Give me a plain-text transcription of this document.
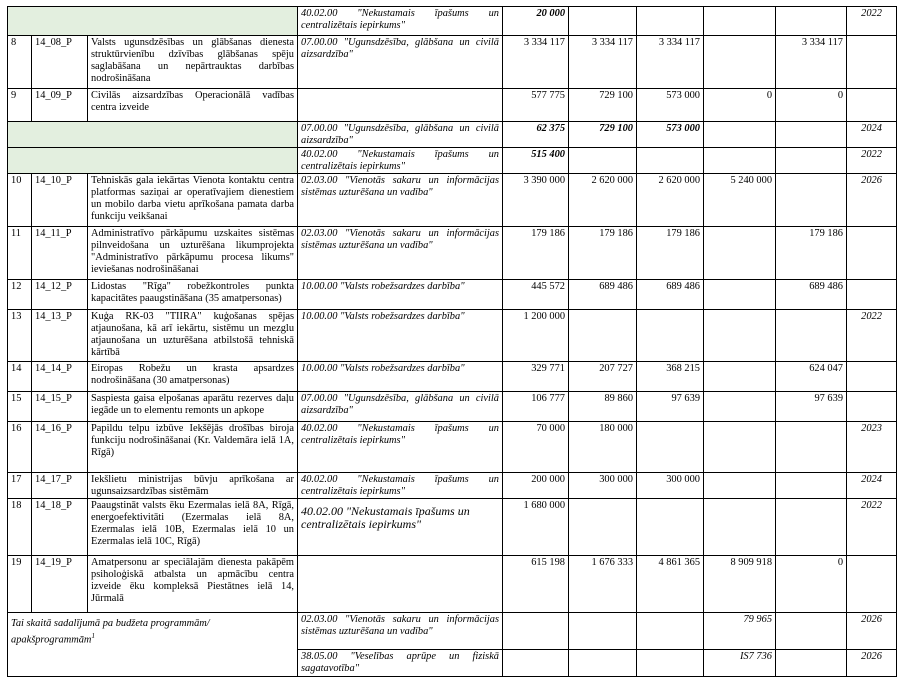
			40.02.00 "Nekustamais īpašums un centralizētais iepirkums"	20 000					2022
8	14_08_P	Valsts ugunsdzēsības un glābšanas dienesta struktūrvienību dzīvības glābšanas spēju saglabāšana un nepārtrauktas darbības nodrošināšana	07.00.00 "Ugunsdzēsība, glābšana un civilā aizsardzība"	3 334 117	3 334 117	3 334 117		3 334 117	
9	14_09_P	Civilās aizsardzības Operacionālā vadības centra izveide		577 775	729 100	573 000	0	0	
			07.00.00 "Ugunsdzēsība, glābšana un civilā aizsardzība"	62 375	729 100	573 000			2024
			40.02.00 "Nekustamais īpašums un centralizētais iepirkums"	515 400					2022
10	14_10_P	Tehniskās gala iekārtas Vienota kontaktu centra platformas saziņai ar operatīvajiem dienestiem un mobilo darba vietu aprīkošana pamata darba funkciju veikšanai	02.03.00 "Vienotās sakaru un informācijas sistēmas uzturēšana un vadība"	3 390 000	2 620 000	2 620 000	5 240 000		2026
11	14_11_P	Administratīvo pārkāpumu uzskaites sistēmas pilnveidošana un uzturēšana likumprojekta "Administratīvo pārkāpumu procesa likums" ieviešanas nodrošināšanai	02.03.00 "Vienotās sakaru un informācijas sistēmas uzturēšana un vadība"	179 186	179 186	179 186		179 186	
12	14_12_P	Lidostas "Rīga" robežkontroles punkta kapacitātes paaugstināšana (35 amatpersonas)	10.00.00 "Valsts robežsardzes darbība"	445 572	689 486	689 486		689 486	
13	14_13_P	Kuģa RK-03 "TIIRA" kuģošanas spējas atjaunošana, kā arī iekārtu, sistēmu un mezglu atjaunošana un uzturēšana atbilstošā tehniskā kārtībā	10.00.00 "Valsts robežsardzes darbība"	1 200 000					2022
14	14_14_P	Eiropas Robežu un krasta apsardzes nodrošināšana (30 amatpersonas)	10.00.00 "Valsts robežsardzes darbība"	329 771	207 727	368 215		624 047	
15	14_15_P	Saspiesta gaisa elpošanas aparātu rezerves daļu iegāde un to elementu remonts un apkope	07.00.00 "Ugunsdzēsība, glābšana un civilā aizsardzība"	106 777	89 860	97 639		97 639	
16	14_16_P	Papildu telpu izbūve Iekšējās drošības biroja funkciju nodrošināšanai (Kr. Valdemāra ielā 1A, Rīgā)	40.02.00 "Nekustamais īpašums un centralizētais iepirkums"	70 000	180 000				2023
17	14_17_P	Iekšlietu ministrijas būvju aprīkošana ar ugunsaizsardzības sistēmām	40.02.00 "Nekustamais īpašums un centralizētais iepirkums"	200 000	300 000	300 000			2024
18	14_18_P	Paaugstināt valsts ēku Ezermalas ielā 8A, Rīgā, energoefektivitāti (Ezermalas ielā 8A, Ezermalas ielā 10B, Ezermalas ielā 10 un Ezermalas ielā 10C, Rīgā)	40.02.00 "Nekustamais īpašums un centralizētais iepirkums"	1 680 000					2022
19	14_19_P	Amatpersonu ar speciālajām dienesta pakāpēm psiholoģiskā atbalsta un apmācību centra izveide ēku kompleksā Piestātnes ielā 14, Jūrmalā		615 198	1 676 333	4 861 365	8 909 918	0	
Tai skaitā sadalījumā pa budžeta programmām/ apakšprogrammām$^1$			02.03.00 "Vienotās sakaru un informācijas sistēmas uzturēšana un vadība"				79 965		2026
			38.05.00 "Veselības aprūpe un fiziskā sagatavotība"				IS7 736		2026
